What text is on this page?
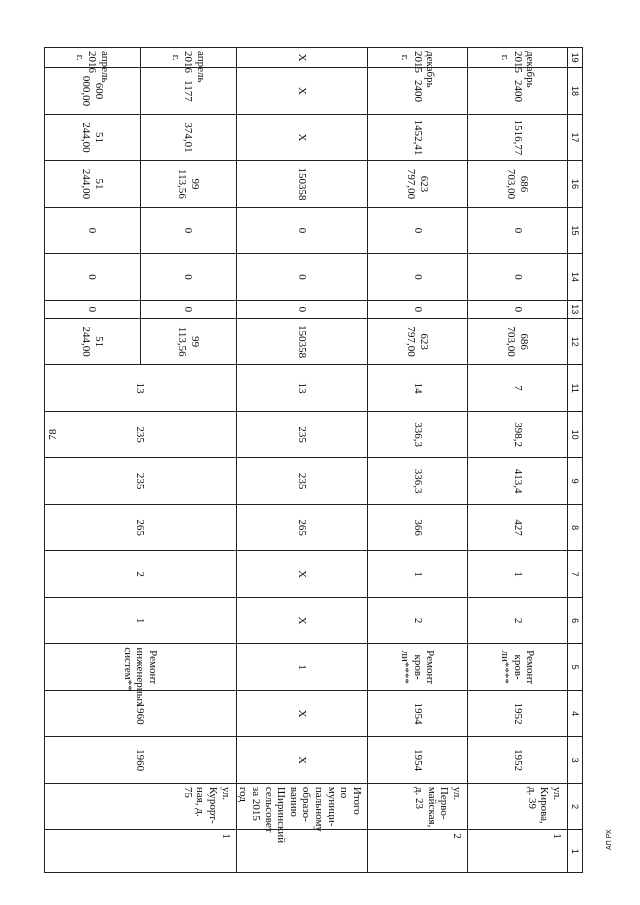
78
АП РХ
19	18	17	16	15	14	13	12	11	10	9	8	7	6	5	4	3	2	1

декабрь
2015 г.	2400	1516,77	686 703,00	0	0	0	686 703,00	7	398,2	413,4	427	1	2	Ремонт кров-
ли****	1952	1952	ул. Кирова, д. 39	1

декабрь
2015 г.	2400	1452,41	623 797,00	0	0	0	623 797,00	14	336,3	336,3	366	1	2	Ремонт кров-
ли****	1954	1954	ул. Перво-майская, д. 23	2
Х	Х	Х	150358	0	0	0	150358	13	235	235	265	Х	Х	1	Х	Х	Итого по муници-пальному образо-ванию Ширинский сельсовет за 2015 год	

апрель
2016 г.	1177	374,01	99 113,56	0	0	0	99 113,56	13	235	235	265	2	1	Ремонт инженерных систем**	1960	1960	ул. Курорт-ная, д. 75	1

апрель
2016 г.	600 000,00	51 244,00	51 244,00	0	0	0	51 244,00											
